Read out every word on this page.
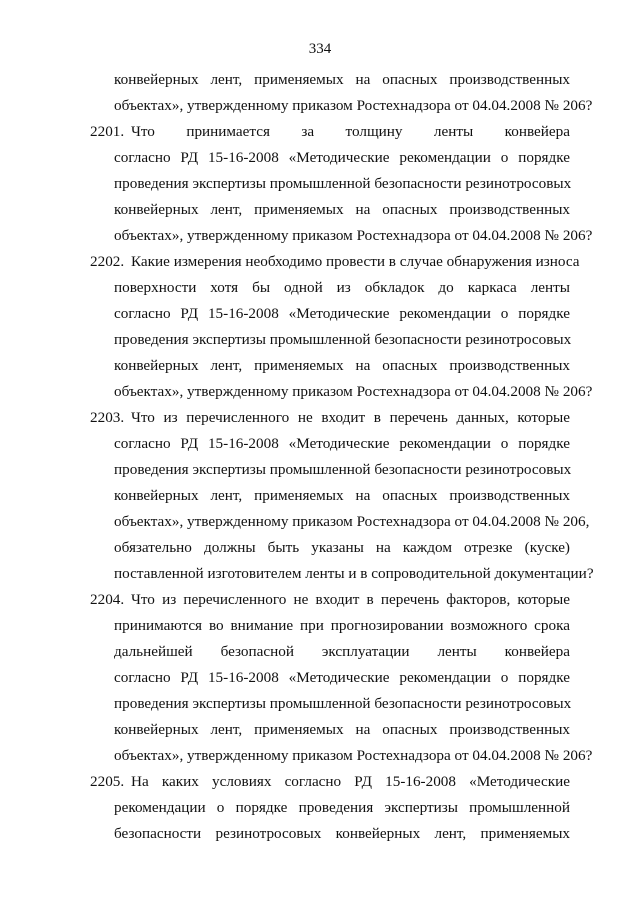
334
конвейерных лент, применяемых на опасных производственных
объектах», утвержденному приказом Ростехнадзора от 04.04.2008 № 206?
2201. Что принимается за толщину ленты конвейера
согласно РД 15-16-2008 «Методические рекомендации о порядке
проведения экспертизы промышленной безопасности резинотросовых
конвейерных лент, применяемых на опасных производственных
объектах», утвержденному приказом Ростехнадзора от 04.04.2008 № 206?
2202. Какие измерения необходимо провести в случае обнаружения износа
поверхности хотя бы одной из обкладок до каркаса ленты
согласно РД 15-16-2008 «Методические рекомендации о порядке
проведения экспертизы промышленной безопасности резинотросовых
конвейерных лент, применяемых на опасных производственных
объектах», утвержденному приказом Ростехнадзора от 04.04.2008 № 206?
2203. Что из перечисленного не входит в перечень данных, которые
согласно РД 15-16-2008 «Методические рекомендации о порядке
проведения экспертизы промышленной безопасности резинотросовых
конвейерных лент, применяемых на опасных производственных
объектах», утвержденному приказом Ростехнадзора от 04.04.2008 № 206,
обязательно должны быть указаны на каждом отрезке (куске)
поставленной изготовителем ленты и в сопроводительной документации?
2204. Что из перечисленного не входит в перечень факторов, которые
принимаются во внимание при прогнозировании возможного срока
дальнейшей безопасной эксплуатации ленты конвейера
согласно РД 15-16-2008 «Методические рекомендации о порядке
проведения экспертизы промышленной безопасности резинотросовых
конвейерных лент, применяемых на опасных производственных
объектах», утвержденному приказом Ростехнадзора от 04.04.2008 № 206?
2205. На каких условиях согласно РД 15-16-2008 «Методические
рекомендации о порядке проведения экспертизы промышленной
безопасности резинотросовых конвейерных лент, применяемых
